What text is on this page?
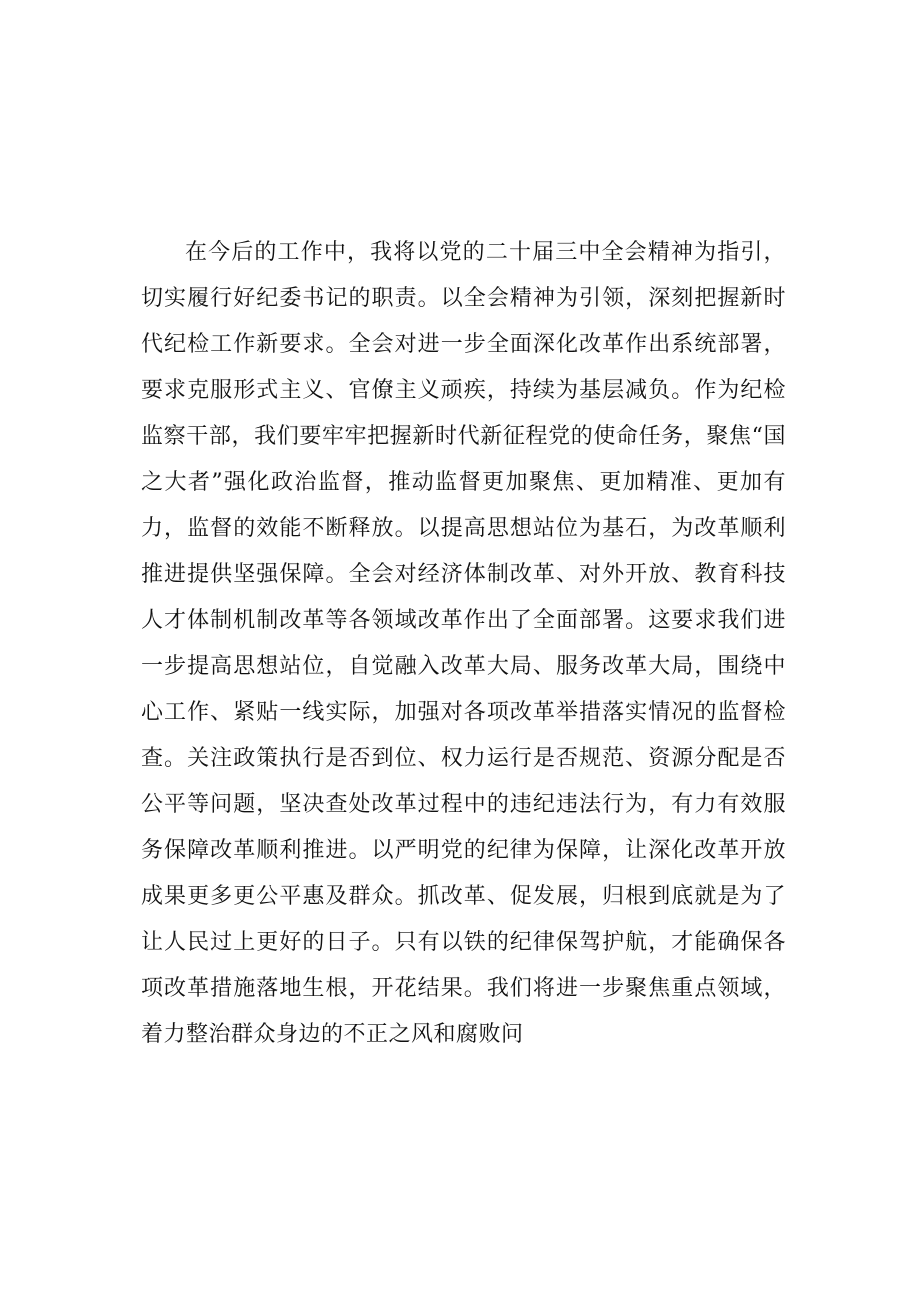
在今后的工作中，我将以党的二十届三中全会精神为指引，
切实履行好纪委书记的职责。以全会精神为引领，深刻把握新时
代纪检工作新要求。全会对进一步全面深化改革作出系统部署，
要求克服形式主义、官僚主义顽疾，持续为基层减负。作为纪检
监察干部，我们要牢牢把握新时代新征程党的使命任务，聚焦“国
之大者”强化政治监督，推动监督更加聚焦、更加精准、更加有
力，监督的效能不断释放。以提高思想站位为基石，为改革顺利
推进提供坚强保障。全会对经济体制改革、对外开放、教育科技
人才体制机制改革等各领域改革作出了全面部署。这要求我们进
一步提高思想站位，自觉融入改革大局、服务改革大局，围绕中
心工作、紧贴一线实际，加强对各项改革举措落实情况的监督检
查。关注政策执行是否到位、权力运行是否规范、资源分配是否
公平等问题，坚决查处改革过程中的违纪违法行为，有力有效服
务保障改革顺利推进。以严明党的纪律为保障，让深化改革开放
成果更多更公平惠及群众。抓改革、促发展，归根到底就是为了
让人民过上更好的日子。只有以铁的纪律保驾护航，才能确保各
项改革措施落地生根，开花结果。我们将进一步聚焦重点领域，
着力整治群众身边的不正之风和腐败问
